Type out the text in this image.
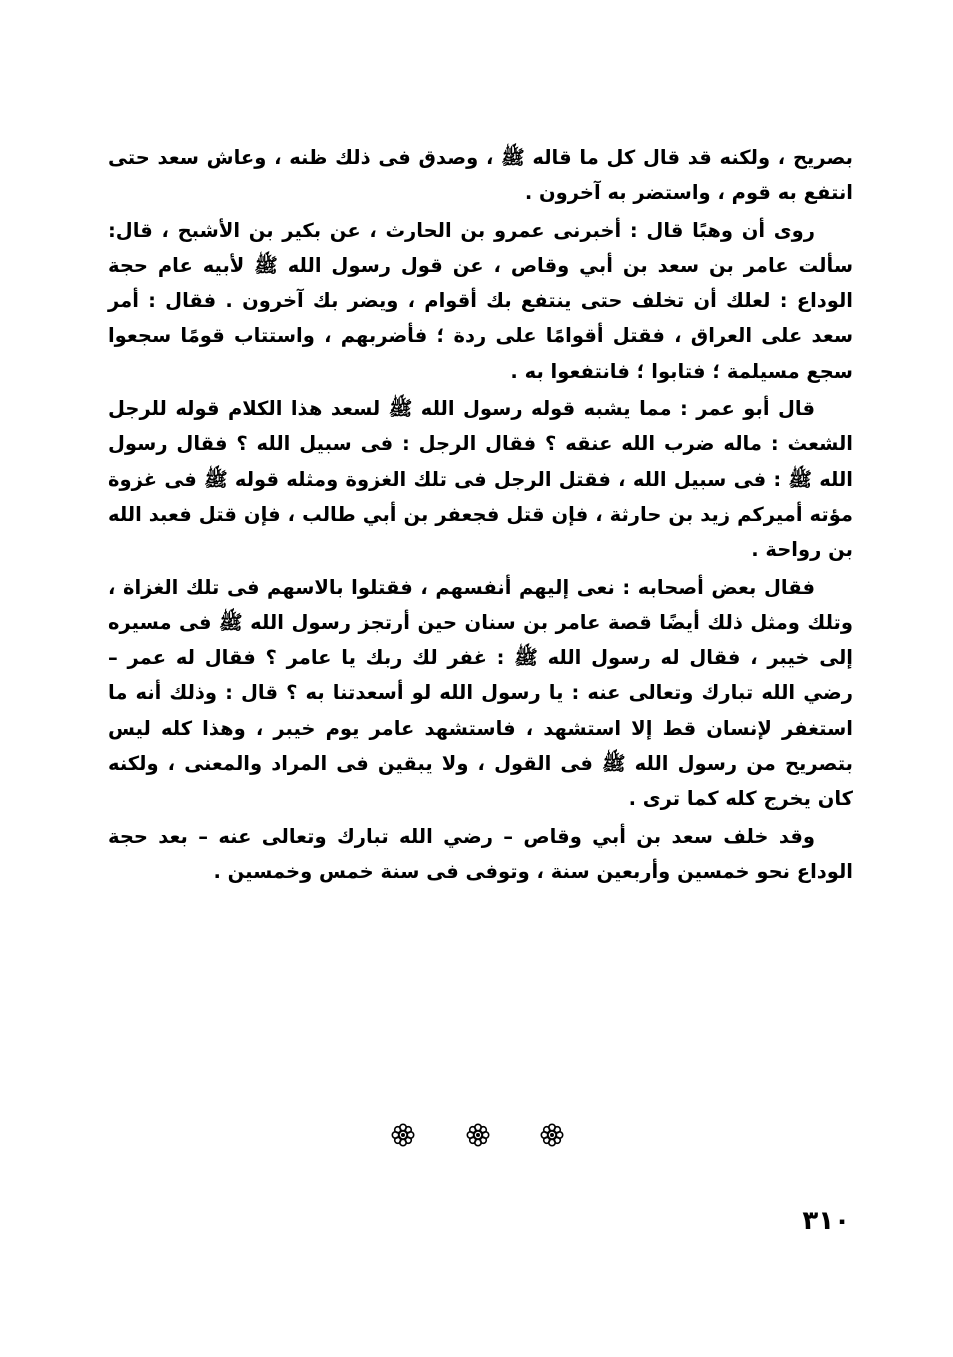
بصريح ، ولكنه قد قال كل ما قاله ﷺ ، وصدق فى ذلك ظنه ، وعاش سعد حتى انتفع به قوم ، واستضر به آخرون .

روى أن وهبًا قال : أخبرنى عمرو بن الحارث ، عن بكير بن الأشبح ، قال: سألت عامر بن سعد بن أبي وقاص ، عن قول رسول الله ﷺ لأبيه عام حجة الوداع : لعلك أن تخلف حتى ينتفع بك أقوام ، ويضر بك آخرون . فقال : أمر سعد على العراق ، فقتل أقوامًا على ردة ؛ فأضربهم ، واستتاب قومًا سجعوا سجع مسيلمة ؛ فتابوا ؛ فانتفعوا به .

قال أبو عمر : مما يشبه قوله رسول الله ﷺ لسعد هذا الكلام قوله للرجل الشعث : ماله ضرب الله عنقه ؟ فقال الرجل : فى سبيل الله ؟ فقال رسول الله ﷺ : فى سبيل الله ، فقتل الرجل فى تلك الغزوة ومثله قوله ﷺ فى غزوة مؤته أميركم زيد بن حارثة ، فإن قتل فجعفر بن أبي طالب ، فإن قتل فعبد الله بن رواحة .

فقال بعض أصحابه : نعى إليهم أنفسهم ، فقتلوا بالاسهم فى تلك الغزاة ، وتلك ومثل ذلك أيضًا قصة عامر بن سنان حين أرتجز رسول الله ﷺ فى مسيره إلى خيبر ، فقال له رسول الله ﷺ : غفر لك ربك يا عامر ؟ فقال له عمر – رضي الله تبارك وتعالى عنه : يا رسول الله لو أسعدتنا به ؟ قال : وذلك أنه ما استغفر لإنسان قط إلا استشهد ، فاستشهد عامر يوم خيبر ، وهذا كله ليس بتصريح من رسول الله ﷺ فى القول ، ولا يبقين فى المراد والمعنى ، ولكنه كان يخرج كله كما ترى .

وقد خلف سعد بن أبي وقاص – رضي الله تبارك وتعالى عنه – بعد حجة الوداع نحو خمسين وأربعين سنة ، وتوفى فى سنة خمس وخمسين .

٣١٠
